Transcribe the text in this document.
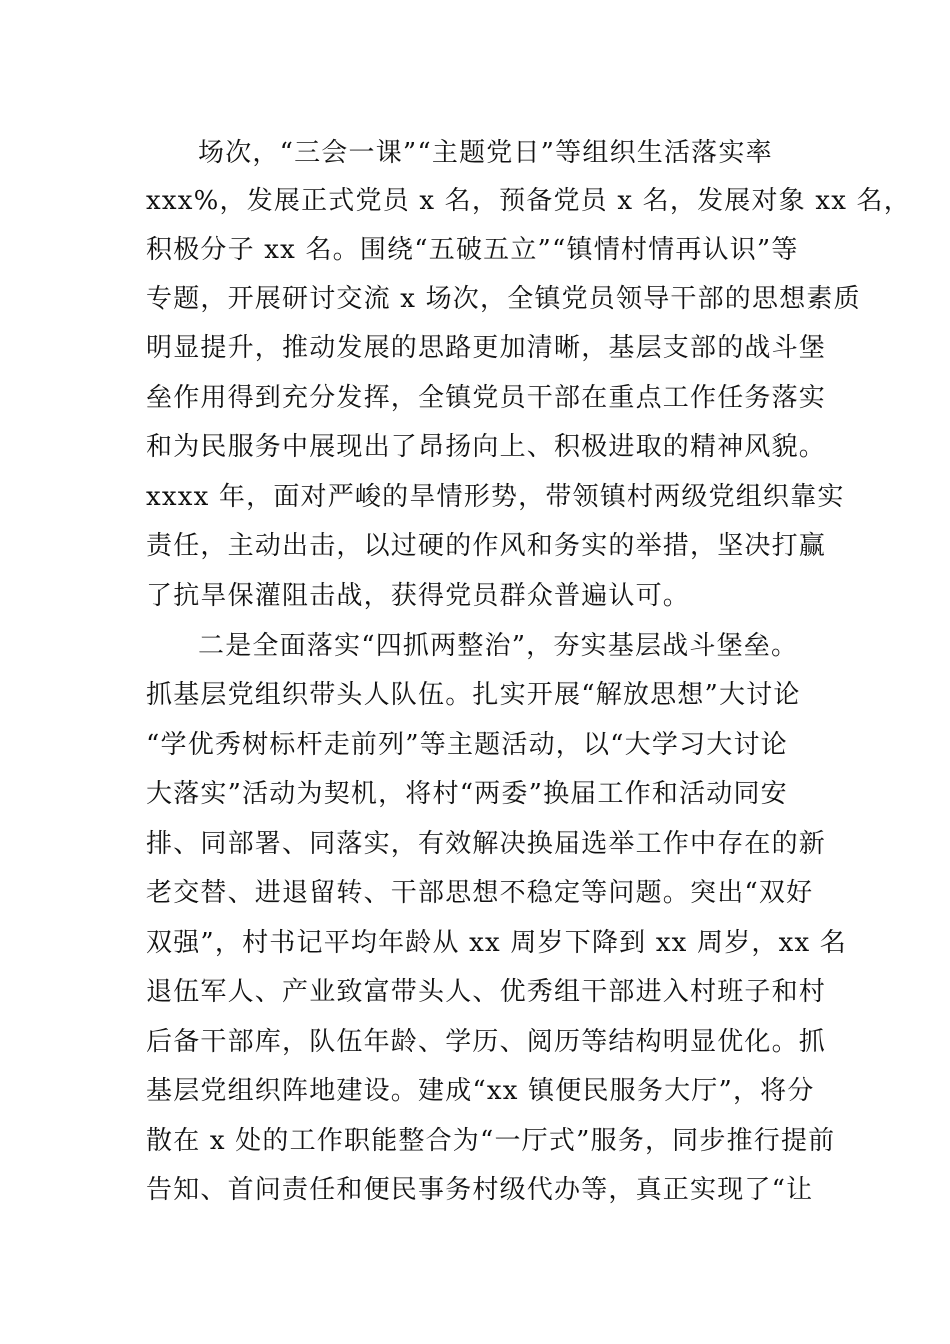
场次，“三会一课”“主题党日”等组织生活落实率
xxx%，发展正式党员 x 名，预备党员 x 名，发展对象 xx 名，
积极分子 xx 名。围绕“五破五立”“镇情村情再认识”等
专题，开展研讨交流 x 场次，全镇党员领导干部的思想素质
明显提升，推动发展的思路更加清晰，基层支部的战斗堡
垒作用得到充分发挥，全镇党员干部在重点工作任务落实
和为民服务中展现出了昂扬向上、积极进取的精神风貌。
xxxx 年，面对严峻的旱情形势，带领镇村两级党组织靠实
责任，主动出击，以过硬的作风和务实的举措，坚决打赢
了抗旱保灌阻击战，获得党员群众普遍认可。
二是全面落实“四抓两整治”，夯实基层战斗堡垒。
抓基层党组织带头人队伍。扎实开展“解放思想”大讨论
“学优秀树标杆走前列”等主题活动，以“大学习大讨论
大落实”活动为契机，将村“两委”换届工作和活动同安
排、同部署、同落实，有效解决换届选举工作中存在的新
老交替、进退留转、干部思想不稳定等问题。突出“双好
双强”，村书记平均年龄从 xx 周岁下降到 xx 周岁，xx 名
退伍军人、产业致富带头人、优秀组干部进入村班子和村
后备干部库，队伍年龄、学历、阅历等结构明显优化。抓
基层党组织阵地建设。建成“xx 镇便民服务大厅”，将分
散在 x 处的工作职能整合为“一厅式”服务，同步推行提前
告知、首问责任和便民事务村级代办等，真正实现了“让
